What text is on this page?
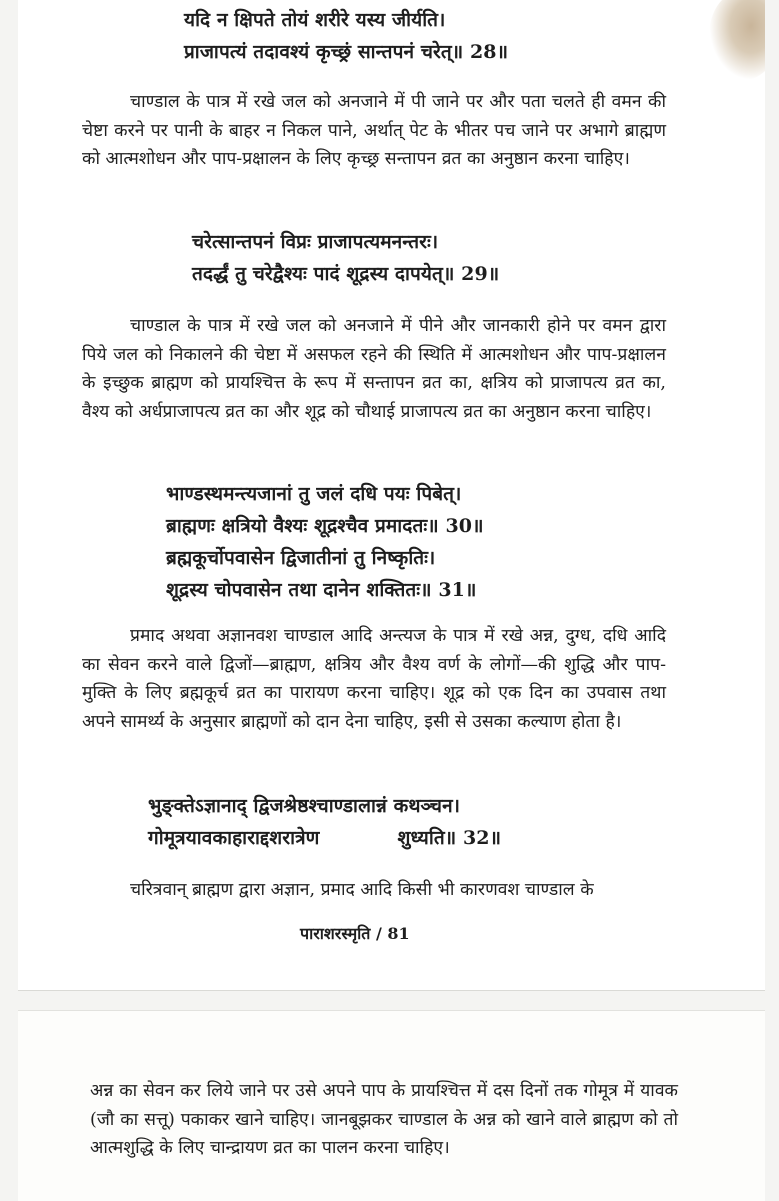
यदि न क्षिपते तोयं शरीरे यस्य जीर्यति।
प्राजापत्यं तदावश्यं कृच्छ्रं सान्तपनं चरेत्॥ 28॥

चाण्डाल के पात्र में रखे जल को अनजाने में पी जाने पर और पता चलते ही वमन की चेष्टा करने पर पानी के बाहर न निकल पाने, अर्थात् पेट के भीतर पच जाने पर अभागे ब्राह्मण को आत्मशोधन और पाप-प्रक्षालन के लिए कृच्छ्र सन्तापन व्रत का अनुष्ठान करना चाहिए।

चरेत्सान्तपनं विप्रः प्राजापत्यमनन्तरः।
तदर्द्धं तु चरेद्वैश्यः पादं शूद्रस्य दापयेत्॥ 29॥

चाण्डाल के पात्र में रखे जल को अनजाने में पीने और जानकारी होने पर वमन द्वारा पिये जल को निकालने की चेष्टा में असफल रहने की स्थिति में आत्मशोधन और पाप-प्रक्षालन के इच्छुक ब्राह्मण को प्रायश्चित्त के रूप में सन्तापन व्रत का, क्षत्रिय को प्राजापत्य व्रत का, वैश्य को अर्धप्राजापत्य व्रत का और शूद्र को चौथाई प्राजापत्य व्रत का अनुष्ठान करना चाहिए।

भाण्डस्थमन्त्यजानां तु जलं दधि पयः पिबेत्।
ब्राह्मणः क्षत्रियो वैश्यः शूद्रश्चैव प्रमादतः॥ 30॥
ब्रह्मकूर्चोपवासेन द्विजातीनां तु निष्कृतिः।
शूद्रस्य चोपवासेन तथा दानेन शक्तितः॥ 31॥

प्रमाद अथवा अज्ञानवश चाण्डाल आदि अन्त्यज के पात्र में रखे अन्न, दुग्ध, दधि आदि का सेवन करने वाले द्विजों—ब्राह्मण, क्षत्रिय और वैश्य वर्ण के लोगों—की शुद्धि और पाप-मुक्ति के लिए ब्रह्मकूर्च व्रत का पारायण करना चाहिए। शूद्र को एक दिन का उपवास तथा अपने सामर्थ्य के अनुसार ब्राह्मणों को दान देना चाहिए, इसी से उसका कल्याण होता है।

भुङ्क्तेऽज्ञानाद् द्विजश्रेष्ठश्चाण्डालान्नं कथञ्चन।
गोमूत्रयावकाहाराद्दशरात्रेण	शुध्यति॥ 32॥

चरित्रवान् ब्राह्मण द्वारा अज्ञान, प्रमाद आदि किसी भी कारणवश चाण्डाल के

पाराशरस्मृति / 81

अन्न का सेवन कर लिये जाने पर उसे अपने पाप के प्रायश्चित्त में दस दिनों तक गोमूत्र में यावक (जौ का सत्तू) पकाकर खाने चाहिए। जानबूझकर चाण्डाल के अन्न को खाने वाले ब्राह्मण को तो आत्मशुद्धि के लिए चान्द्रायण व्रत का पालन करना चाहिए।
